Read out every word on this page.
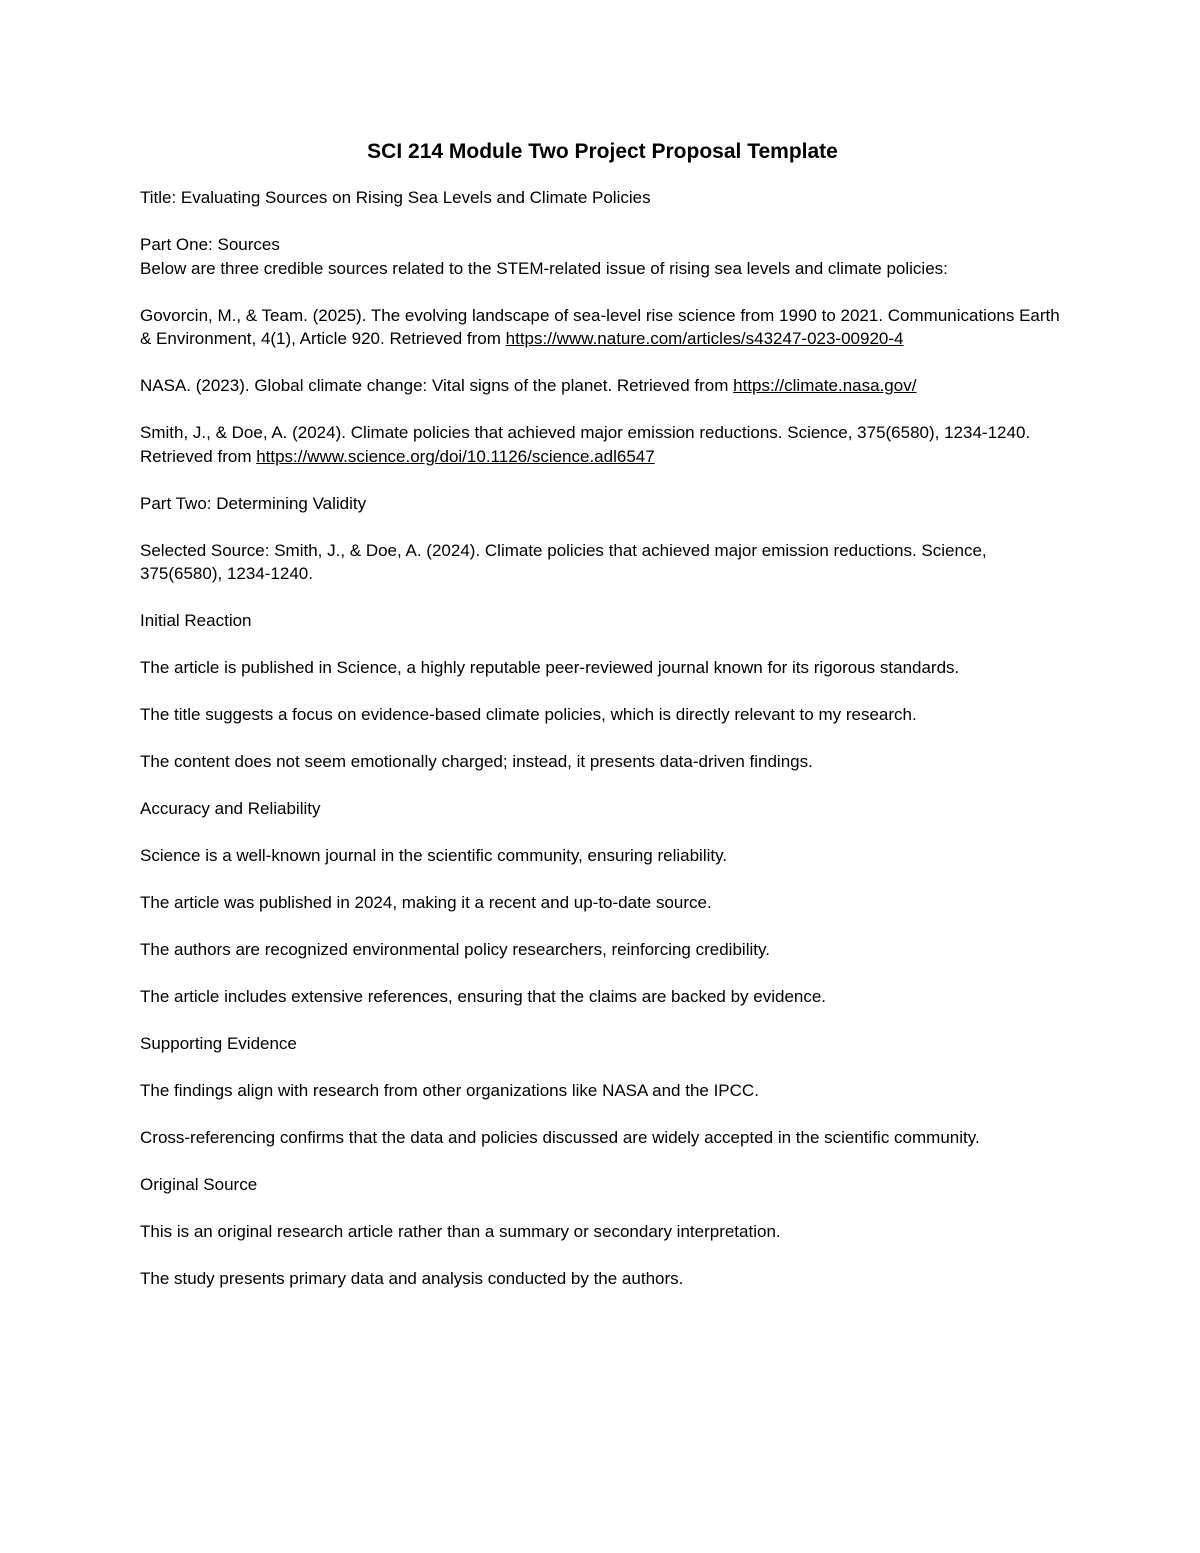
SCI 214 Module Two Project Proposal Template

Title: Evaluating Sources on Rising Sea Levels and Climate Policies

Part One: Sources

Below are three credible sources related to the STEM-related issue of rising sea levels and climate policies:

Govorcin, M., & Team. (2025). The evolving landscape of sea-level rise science from 1990 to 2021. Communications Earth & Environment, 4(1), Article 920. Retrieved from https://www.nature.com/articles/s43247-023-00920-4

NASA. (2023). Global climate change: Vital signs of the planet. Retrieved from https://climate.nasa.gov/

Smith, J., & Doe, A. (2024). Climate policies that achieved major emission reductions. Science, 375(6580), 1234-1240. Retrieved from https://www.science.org/doi/10.1126/science.adl6547

Part Two: Determining Validity

Selected Source: Smith, J., & Doe, A. (2024). Climate policies that achieved major emission reductions. Science, 375(6580), 1234-1240.

Initial Reaction

The article is published in Science, a highly reputable peer-reviewed journal known for its rigorous standards.

The title suggests a focus on evidence-based climate policies, which is directly relevant to my research.

The content does not seem emotionally charged; instead, it presents data-driven findings.

Accuracy and Reliability

Science is a well-known journal in the scientific community, ensuring reliability.

The article was published in 2024, making it a recent and up-to-date source.

The authors are recognized environmental policy researchers, reinforcing credibility.

The article includes extensive references, ensuring that the claims are backed by evidence.

Supporting Evidence

The findings align with research from other organizations like NASA and the IPCC.

Cross-referencing confirms that the data and policies discussed are widely accepted in the scientific community.

Original Source

This is an original research article rather than a summary or secondary interpretation.

The study presents primary data and analysis conducted by the authors.
